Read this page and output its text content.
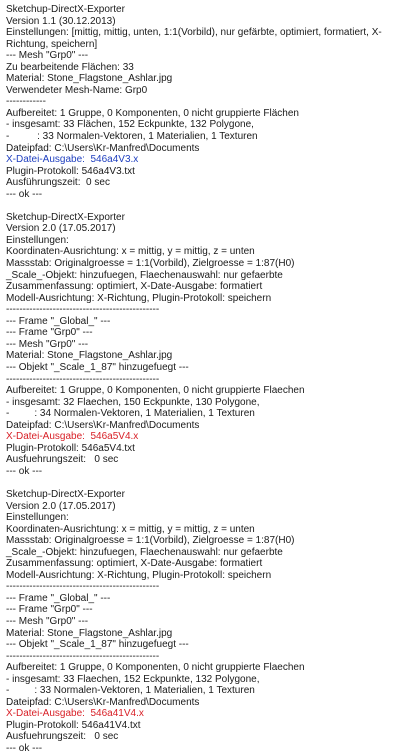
Sketchup-DirectX-Exporter
Version 1.1 (30.12.2013)
Einstellungen: [mittig, mittig, unten, 1:1(Vorbild), nur gefärbte, optimiert, formatiert, X-Richtung, speichern]
--- Mesh "Grp0" ---
Zu bearbeitende Flächen: 33
Material: Stone_Flagstone_Ashlar.jpg
Verwendeter Mesh-Name: Grp0
------------
Aufbereitet: 1 Gruppe, 0 Komponenten, 0 nicht gruppierte Flächen
- insgesamt: 33 Flächen, 152 Eckpunkte, 132 Polygone,
-          : 33 Normalen-Vektoren, 1 Materialien, 1 Texturen
Dateipfad: C:\Users\Kr-Manfred\Documents
X-Datei-Ausgabe:  546a4V3.x
Plugin-Protokoll: 546a4V3.txt
Ausführungszeit:  0 sec
--- ok ---
Sketchup-DirectX-Exporter
Version 2.0 (17.05.2017)
Einstellungen:
Koordinaten-Ausrichtung: x = mittig, y = mittig, z = unten
Massstab: Originalgroesse = 1:1(Vorbild), Zielgroesse = 1:87(H0)
_Scale_-Objekt: hinzufuegen, Flaechenauswahl: nur gefaerbte
Zusammenfassung: optimiert, X-Date-Ausgabe: formatiert
Modell-Ausrichtung: X-Richtung, Plugin-Protokoll: speichern
----------------------------------------------
--- Frame "_Global_" ---
--- Frame "Grp0" ---
--- Mesh "Grp0" ---
Material: Stone_Flagstone_Ashlar.jpg
--- Objekt "_Scale_1_87" hinzugefuegt ---
----------------------------------------------
Aufbereitet: 1 Gruppe, 0 Komponenten, 0 nicht gruppierte Flaechen
- insgesamt: 32 Flaechen, 150 Eckpunkte, 130 Polygone,
-         : 34 Normalen-Vektoren, 1 Materialien, 1 Texturen
Dateipfad: C:\Users\Kr-Manfred\Documents
X-Datei-Ausgabe:  546a5V4.x
Plugin-Protokoll: 546a5V4.txt
Ausfuehrungszeit:   0 sec
--- ok ---
Sketchup-DirectX-Exporter
Version 2.0 (17.05.2017)
Einstellungen:
Koordinaten-Ausrichtung: x = mittig, y = mittig, z = unten
Massstab: Originalgroesse = 1:1(Vorbild), Zielgroesse = 1:87(H0)
_Scale_-Objekt: hinzufuegen, Flaechenauswahl: nur gefaerbte
Zusammenfassung: optimiert, X-Date-Ausgabe: formatiert
Modell-Ausrichtung: X-Richtung, Plugin-Protokoll: speichern
----------------------------------------------
--- Frame "_Global_" ---
--- Frame "Grp0" ---
--- Mesh "Grp0" ---
Material: Stone_Flagstone_Ashlar.jpg
--- Objekt "_Scale_1_87" hinzugefuegt ---
----------------------------------------------
Aufbereitet: 1 Gruppe, 0 Komponenten, 0 nicht gruppierte Flaechen
- insgesamt: 33 Flaechen, 152 Eckpunkte, 132 Polygone,
-         : 33 Normalen-Vektoren, 1 Materialien, 1 Texturen
Dateipfad: C:\Users\Kr-Manfred\Documents
X-Datei-Ausgabe:  546a41V4.x
Plugin-Protokoll: 546a41V4.txt
Ausfuehrungszeit:   0 sec
--- ok ---
